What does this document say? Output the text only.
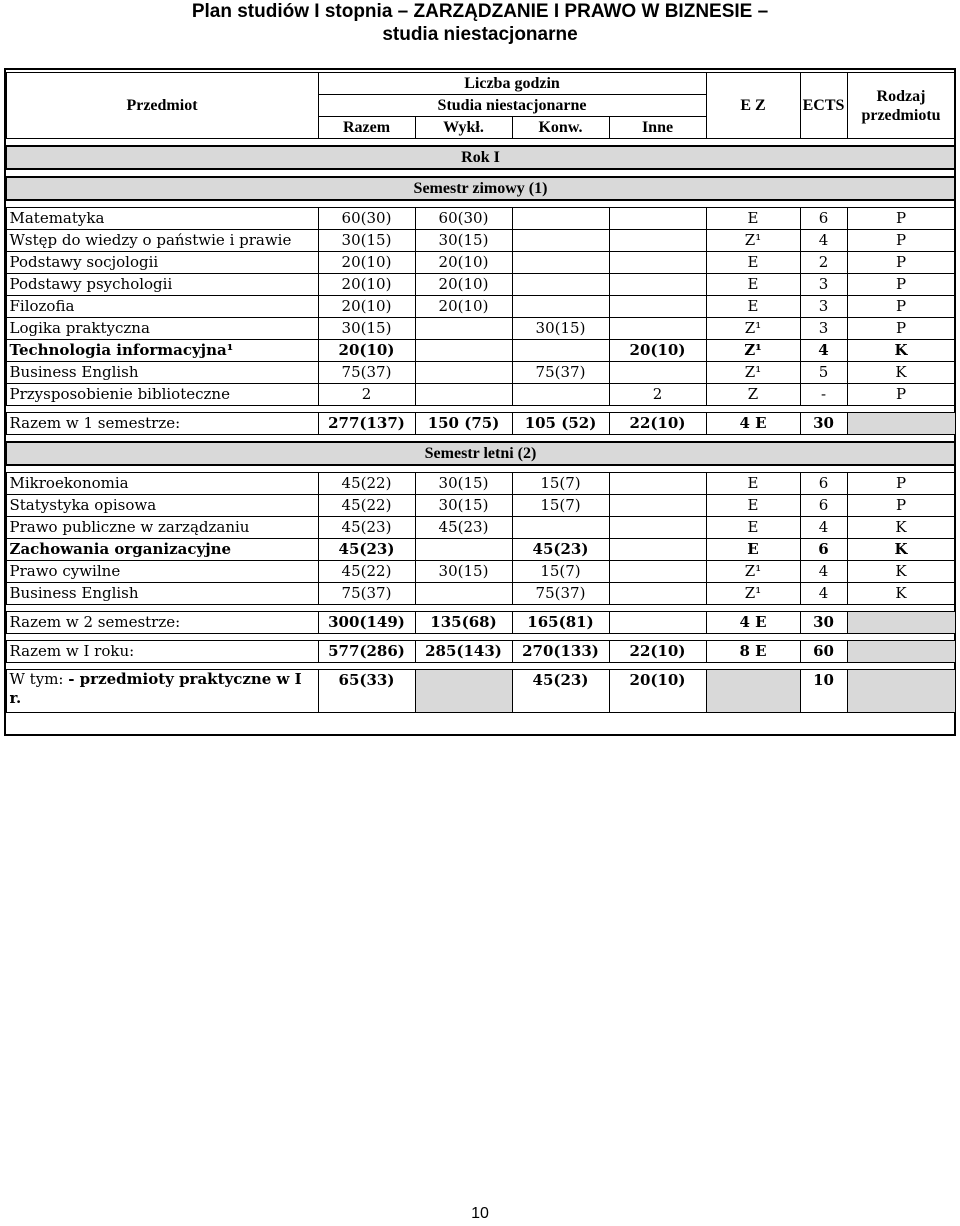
Plan studiów I stopnia – ZARZĄDZANIE I PRAWO W BIZNESIE –
studia niestacjonarne
Przedmiot	Liczba godzin				E Z	ECTS	Rodzaj przedmiotu
	Studia niestacjonarne						
	Razem	Wykł.	Konw.	Inne			

Rok I							

Semestr zimowy (1)							

Matematyka	60(30)	60(30)			E	6	P
Wstęp do wiedzy o państwie i prawie	30(15)	30(15)			Z¹	4	P
Podstawy socjologii	20(10)	20(10)			E	2	P
Podstawy psychologii	20(10)	20(10)			E	3	P
Filozofia	20(10)	20(10)			E	3	P
Logika praktyczna	30(15)		30(15)		Z¹	3	P
Technologia informacyjna¹	20(10)			20(10)	Z¹	4	K
Business English	75(37)		75(37)		Z¹	5	K
Przysposobienie biblioteczne	2			2	Z	-	P

Razem w 1 semestrze:	277(137)	150 (75)	105 (52)	22(10)	4 E	30	

Semestr letni (2)							

Mikroekonomia	45(22)	30(15)	15(7)		E	6	P
Statystyka opisowa	45(22)	30(15)	15(7)		E	6	P
Prawo publiczne w zarządzaniu	45(23)	45(23)			E	4	K
Zachowania organizacyjne	45(23)		45(23)		E	6	K
Prawo cywilne	45(22)	30(15)	15(7)		Z¹	4	K
Business English	75(37)		75(37)		Z¹	4	K

Razem w 2 semestrze:	300(149)	135(68)	165(81)		4 E	30	

Razem w I roku:	577(286)	285(143)	270(133)	22(10)	8 E	60	

W tym: - przedmioty praktyczne w I r.	65(33)		45(23)	20(10)		10	
10
